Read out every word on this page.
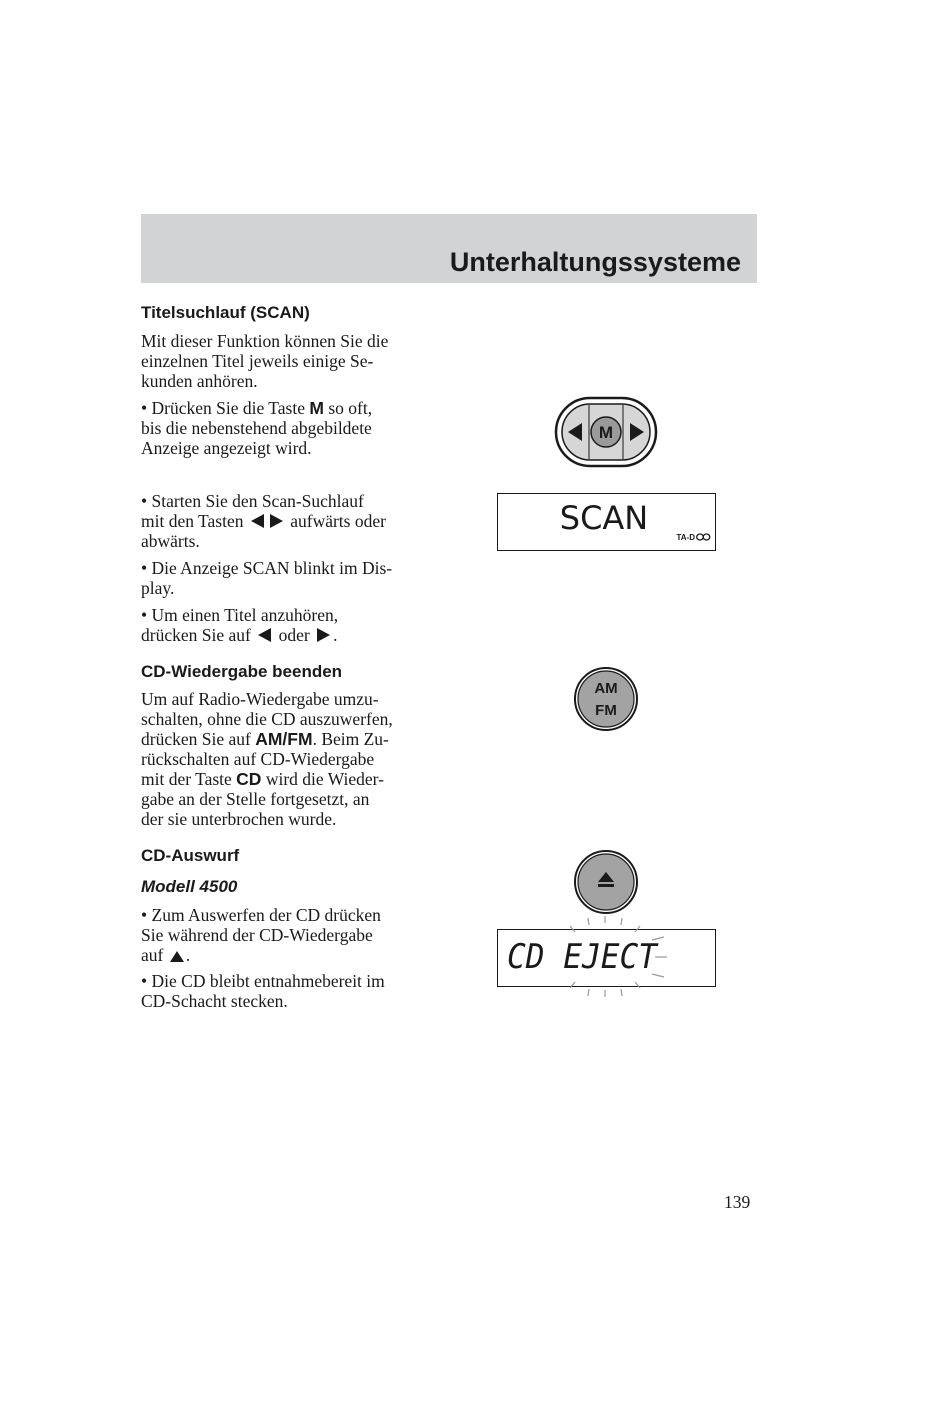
Unterhaltungssysteme
Titelsuchlauf (SCAN)
Mit dieser Funktion können Sie die
einzelnen Titel jeweils einige Se-
kunden anhören.
• Drücken Sie die Taste M so oft,
bis die nebenstehend abgebildete
Anzeige angezeigt wird.
• Starten Sie den Scan-Suchlauf
mit den Tasten  aufwärts oder
abwärts.
• Die Anzeige SCAN blinkt im Dis-
play.
• Um einen Titel anzuhören,
drücken Sie auf  oder .
M
SCAN
TA-D
CD-Wiedergabe beenden
Um auf Radio-Wiedergabe umzu-
schalten, ohne die CD auszuwerfen,
drücken Sie auf AM/FM. Beim Zu-
rückschalten auf CD-Wiedergabe
mit der Taste CD wird die Wieder-
gabe an der Stelle fortgesetzt, an
der sie unterbrochen wurde.
AM
FM
CD-Auswurf
Modell 4500
• Zum Auswerfen der CD drücken
Sie während der CD-Wiedergabe
auf .
• Die CD bleibt entnahmebereit im
CD-Schacht stecken.
CD EJECT
139
